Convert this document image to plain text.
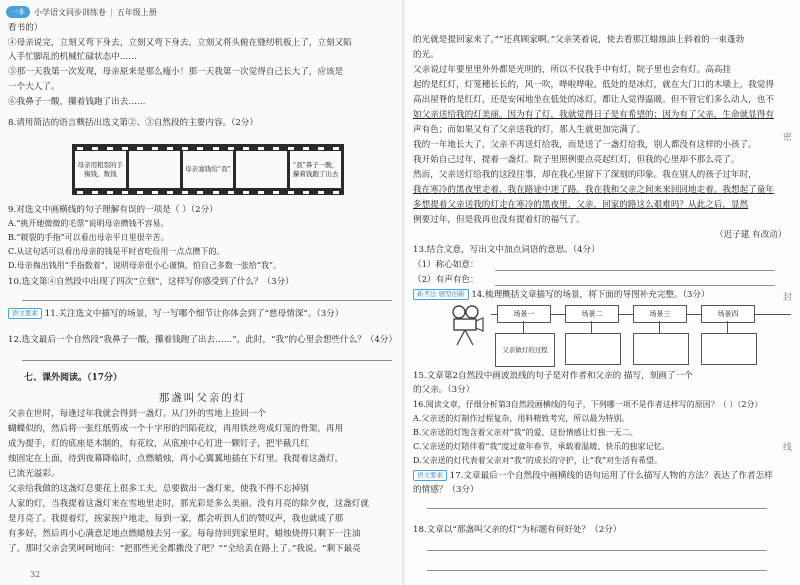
一本	小学语文同步训练卷 | 五年级上册
看书的）
④母亲说完，立刻又弯下身去，立刻又弯下身去，立刻又将头俯在缝纫机板上了，立刻又陷
入手忙脚乱的机械忙碌状态中……
⑤那一天我第一次发现，母亲原来是那么瘦小！那一天我第一次觉得自己长大了，应该是
一个大人了。
⑥我鼻子一酸，攥着钱跑了出去……
8.请用简洁的语言概括出选文第②、③自然段的主要内容。（2分）
母亲用粗裂的手掬钱，数钱
母亲塞钱给“我”
“我”鼻子一酸，攥着钱跑了出去
9.对选文中画横线的句子理解有误的一项是（ ）（2分）
A.“挑开她微微的毛票”说明母亲攒钱不容易。
B.“皲裂的手指”可以看出母亲平日里很辛苦。
C.从这句话可以看出母亲的钱是平时省吃俭用一点点攒下的。
D.母亲掏出钱用“手指数着”，说明母亲很小心谨慎，怕自己多数一张给“我”。
10.选文第④自然段中出现了四次“立刻”，这样写你感受到了什么？（3分）
语文要素 11.关注选文中描写的场景，写一写哪个细节让你体会到了“慈母情深”。（3分）
12.选文最后一个自然段“我鼻子一酸，攥着钱跑了出去……”，此时，“我”的心里会想些什么？（4分）
七、课外阅读。（17分）
那盏叫父亲的灯
父亲在世时，每逢过年我就会得到一盏灯。从门外的雪地上捡回一个
蝴蝶似的，然后将一张红纸剪成一个十字形的凹陷花纹，再用铁丝弯成灯笼的骨架，再用
成为提手，灯的底座是木制的，有花纹，从底座中心钉进一颗钉子，把半截几红
烛固定在上面，待到夜幕降临时，点燃蜡烛，再小心翼翼地插在下灯里。我提着这盏灯，
已流光溢彩。
父亲给我做的这盏灯总要花上很多工夫。总要做出一盏灯来，使我不得不忘掉别
人家的灯，当我提着这盏灯来在雪地里走时，那光彩是多么美丽。没有月亮的除夕夜，这盏灯就
是月亮了。我提着灯，挨家挨户地走，每到一家，都会听到人们的赞叹声，我也就成了那
有多好，然后再小心满意足地点燃蜡烛去另一家。每每待回到家里时，蜡烛烧得只剩下一注油
了。那时父亲会笑呵呵地问：“把那些光全都撒没了吧？”“全给丢在路上了。”我说。“剩下最亮
32
的光就是提回家来了。”“还真顾家啊。”父亲笑着说，使去看那江蜡烛油上斜着的一束蓬勃
的光。
父亲说过年要里里外外都是光明的，所以不仅我手中有灯，院子里也会有灯。高高挂
起的是红灯，灯笼穗长长的，风一吹，哗啦哗啦。低处的是冰灯，就在大门口的木墩上，我觉得
高出屋脊的是红灯，还是安闲地坐在低处的冰灯，都让人觉得温暖。但不管它们多么动人，也不
如父亲送给我的灯美丽。因为有了灯，我就觉得日子是有希望的；因为有了父亲，生命就显得有
声有色；而如果又有了父亲送我的灯，那人生就更加完满了。
我的一年地长大了，父亲不再送灯给我，而是送了一盏灯给我，别人都没有这样的小孩了。
我开始自己过年，提着一盏灯。院子里照例要点亮起红灯，但我的心里却不那么亮了。
然而，父亲送灯给我的这段往事，却在我心里留下了深刻的印象。我在别人的孩子过年时，
我在寒冷的黑夜里走着，我在路途中迷了路。我在我和父亲之间来来回回地走着。我想起了童年
多想提着父亲送我的灯走在寒冷的黑夜里，父亲，回家的路这么艰难吗？从此之后，显然
例要过年，但是我再也没有提着灯的福气了。
（迟子建 有改动）
13.结合文意，写出文中加点词语的意思。（4分）
（1）称心如意：
（2）有声有色：
新考法·题型创新 14.梳理概括文章描写的场景，将下面的导图补充完整。（3分）
场景一	场景二	场景三	场景四
父亲做灯的过程
15.文章第2自然段中画波浪线的句子是对作者和父亲的 描写，刻画了一个
的父亲。（3分）
16.阅读文章，仔细分析第3自然段画横线的句子，下列哪一项不是作者这样写的原因？（ ）（2分）
A.父亲送的灯制作过程复杂，用料精致考究，所以最为特别。
B.父亲送的灯饱含着父亲对“我”的爱，这份情感让灯独一无二。
C.父亲送的灯陪伴着“我”度过童年春节，承载着温暖、快乐的独家记忆。
D.父亲送的灯代表着父亲对“我”的成长的守护，让“我”对生活有希望。
语文要素 17.文章最后一个自然段中画横线的语句运用了什么描写人物的方法？表达了作者怎样
的情感？（3分）
18.文章以“那盏叫父亲的灯”为标题有何好处？（2分）
密
封
线
